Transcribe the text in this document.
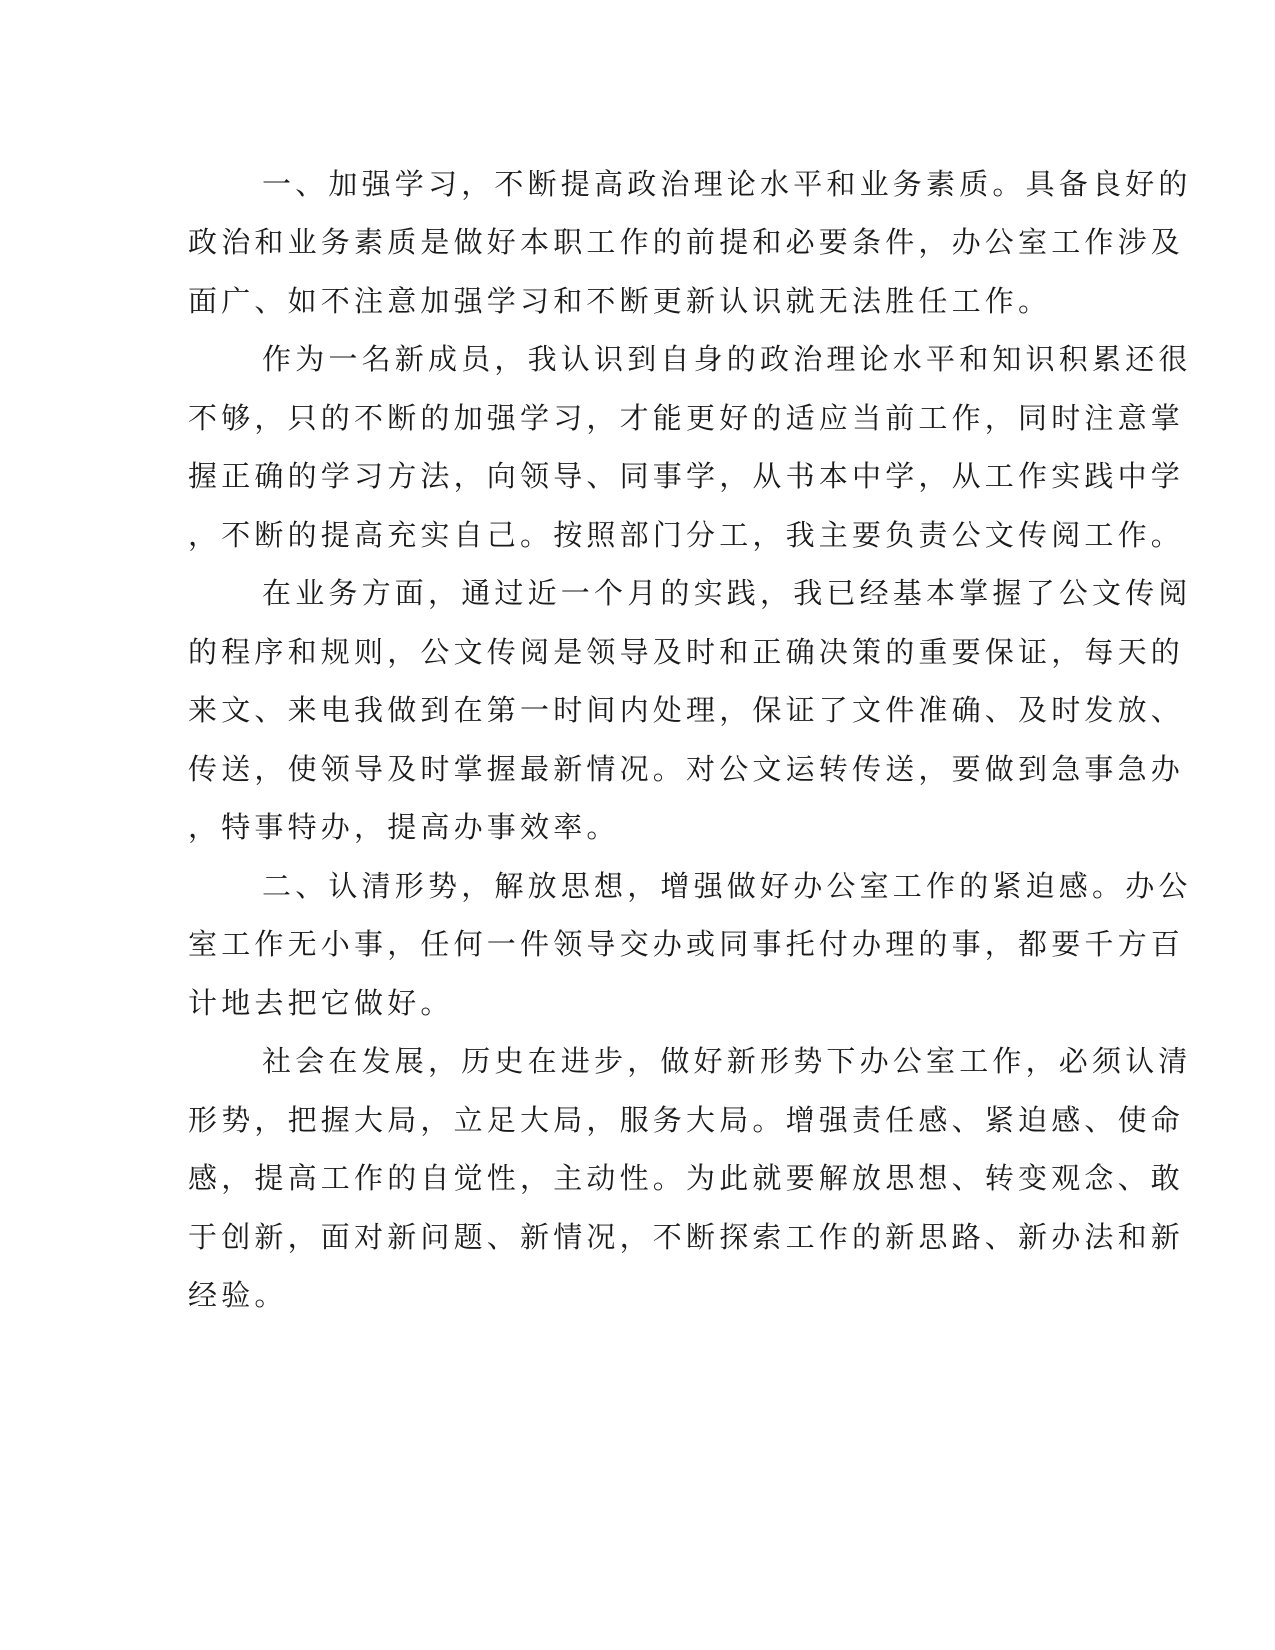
一、加强学习，不断提高政治理论水平和业务素质。具备良好的
政治和业务素质是做好本职工作的前提和必要条件，办公室工作涉及
面广、如不注意加强学习和不断更新认识就无法胜任工作。
作为一名新成员，我认识到自身的政治理论水平和知识积累还很
不够，只的不断的加强学习，才能更好的适应当前工作，同时注意掌
握正确的学习方法，向领导、同事学，从书本中学，从工作实践中学
，不断的提高充实自己。按照部门分工，我主要负责公文传阅工作。
在业务方面，通过近一个月的实践，我已经基本掌握了公文传阅
的程序和规则，公文传阅是领导及时和正确决策的重要保证，每天的
来文、来电我做到在第一时间内处理，保证了文件准确、及时发放、
传送，使领导及时掌握最新情况。对公文运转传送，要做到急事急办
，特事特办，提高办事效率。
二、认清形势，解放思想，增强做好办公室工作的紧迫感。办公
室工作无小事，任何一件领导交办或同事托付办理的事，都要千方百
计地去把它做好。
社会在发展，历史在进步，做好新形势下办公室工作，必须认清
形势，把握大局，立足大局，服务大局。增强责任感、紧迫感、使命
感，提高工作的自觉性，主动性。为此就要解放思想、转变观念、敢
于创新，面对新问题、新情况，不断探索工作的新思路、新办法和新
经验。
